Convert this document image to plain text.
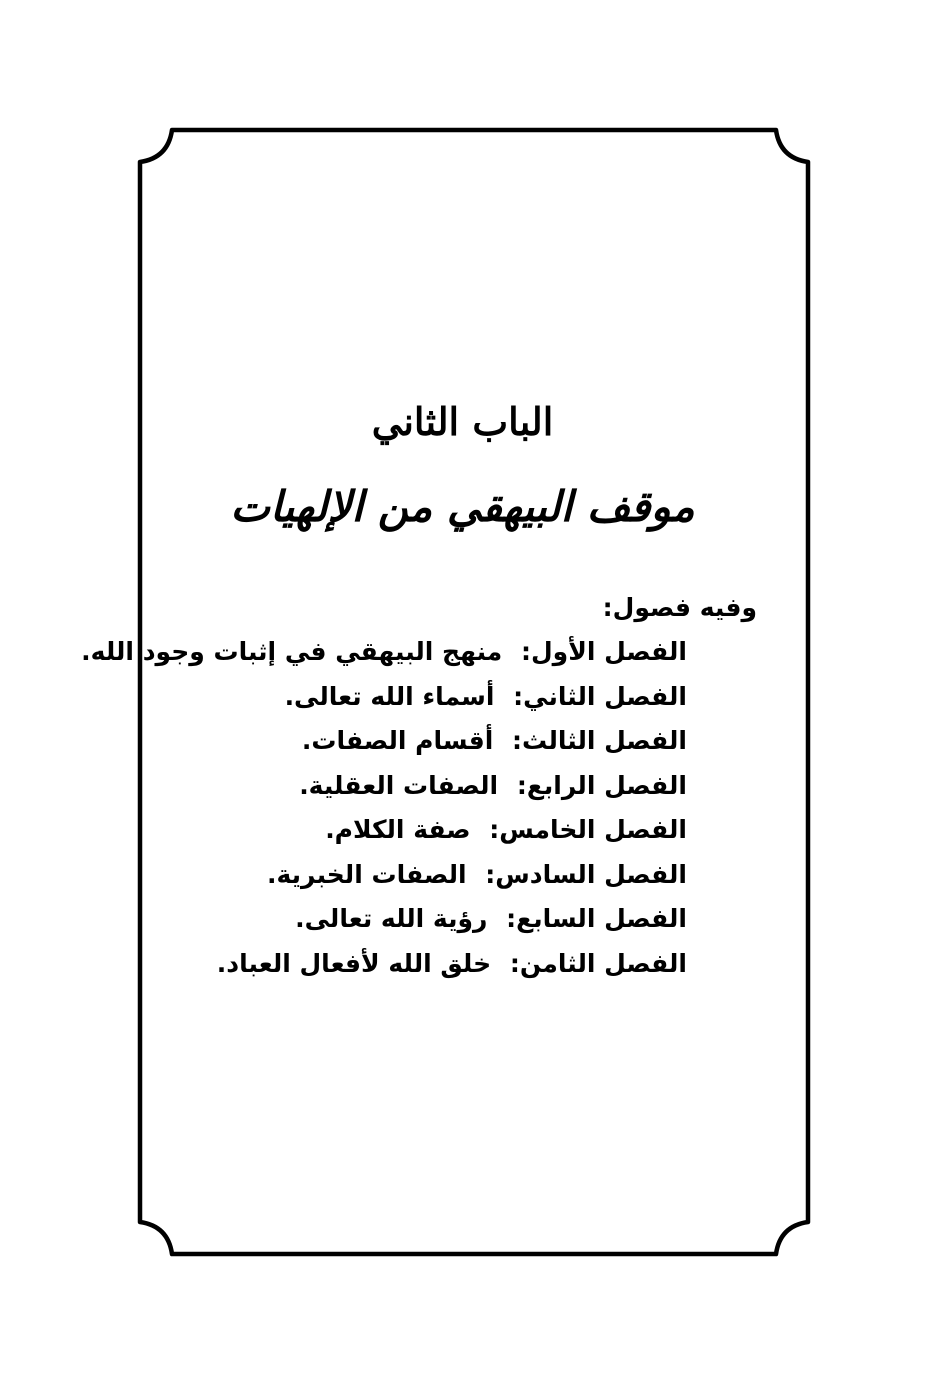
الباب الثاني
موقف البيهقي من الإلهيات
وفيه فصول:
الفصل الأول: منهج البيهقي في إثبات وجود الله.
الفصل الثاني: أسماء الله تعالى.
الفصل الثالث: أقسام الصفات.
الفصل الرابع: الصفات العقلية.
الفصل الخامس: صفة الكلام.
الفصل السادس: الصفات الخبرية.
الفصل السابع: رؤية الله تعالى.
الفصل الثامن: خلق الله لأفعال العباد.
